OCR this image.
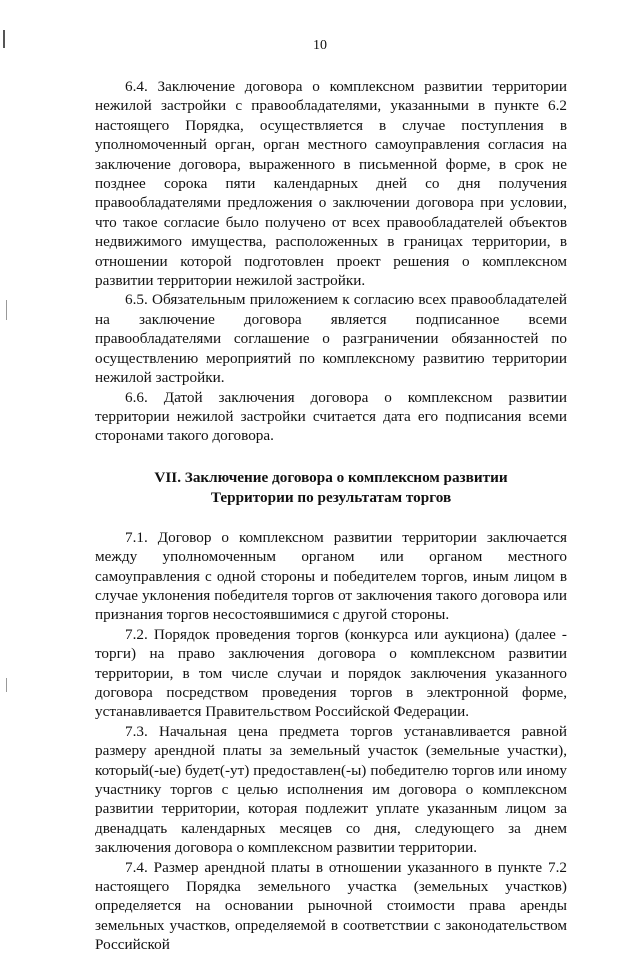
10

6.4. Заключение договора о комплексном развитии территории нежилой застройки с правообладателями, указанными в пункте 6.2 настоящего Порядка, осуществляется в случае поступления в уполномоченный орган, орган местного самоуправления согласия на заключение договора, выраженного в письменной форме, в срок не позднее сорока пяти календарных дней со дня получения правообладателями предложения о заключении договора при условии, что такое согласие было получено от всех правообладателей объектов недвижимого имущества, расположенных в границах территории, в отношении которой подготовлен проект решения о комплексном развитии территории нежилой застройки.

6.5. Обязательным приложением к согласию всех правообладателей на заключение договора является подписанное всеми правообладателями соглашение о разграничении обязанностей по осуществлению мероприятий по комплексному развитию территории нежилой застройки.

6.6. Датой заключения договора о комплексном развитии территории нежилой застройки считается дата его подписания всеми сторонами такого договора.

VII. Заключение договора о комплексном развитии
Территории по результатам торгов

7.1. Договор о комплексном развитии территории заключается между уполномоченным органом или органом местного самоуправления с одной стороны и победителем торгов, иным лицом в случае уклонения победителя торгов от заключения такого договора или признания торгов несостоявшимися с другой стороны.

7.2. Порядок проведения торгов (конкурса или аукциона) (далее - торги) на право заключения договора о комплексном развитии территории, в том числе случаи и порядок заключения указанного договора посредством проведения торгов в электронной форме, устанавливается Правительством Российской Федерации.

7.3. Начальная цена предмета торгов устанавливается равной размеру арендной платы за земельный участок (земельные участки), который(-ые) будет(-ут) предоставлен(-ы) победителю торгов или иному участнику торгов с целью исполнения им договора о комплексном развитии территории, которая подлежит уплате указанным лицом за двенадцать календарных месяцев со дня, следующего за днем заключения договора о комплексном развитии территории.

7.4. Размер арендной платы в отношении указанного в пункте 7.2 настоящего Порядка земельного участка (земельных участков) определяется на основании рыночной стоимости права аренды земельных участков, определяемой в соответствии с законодательством Российской
